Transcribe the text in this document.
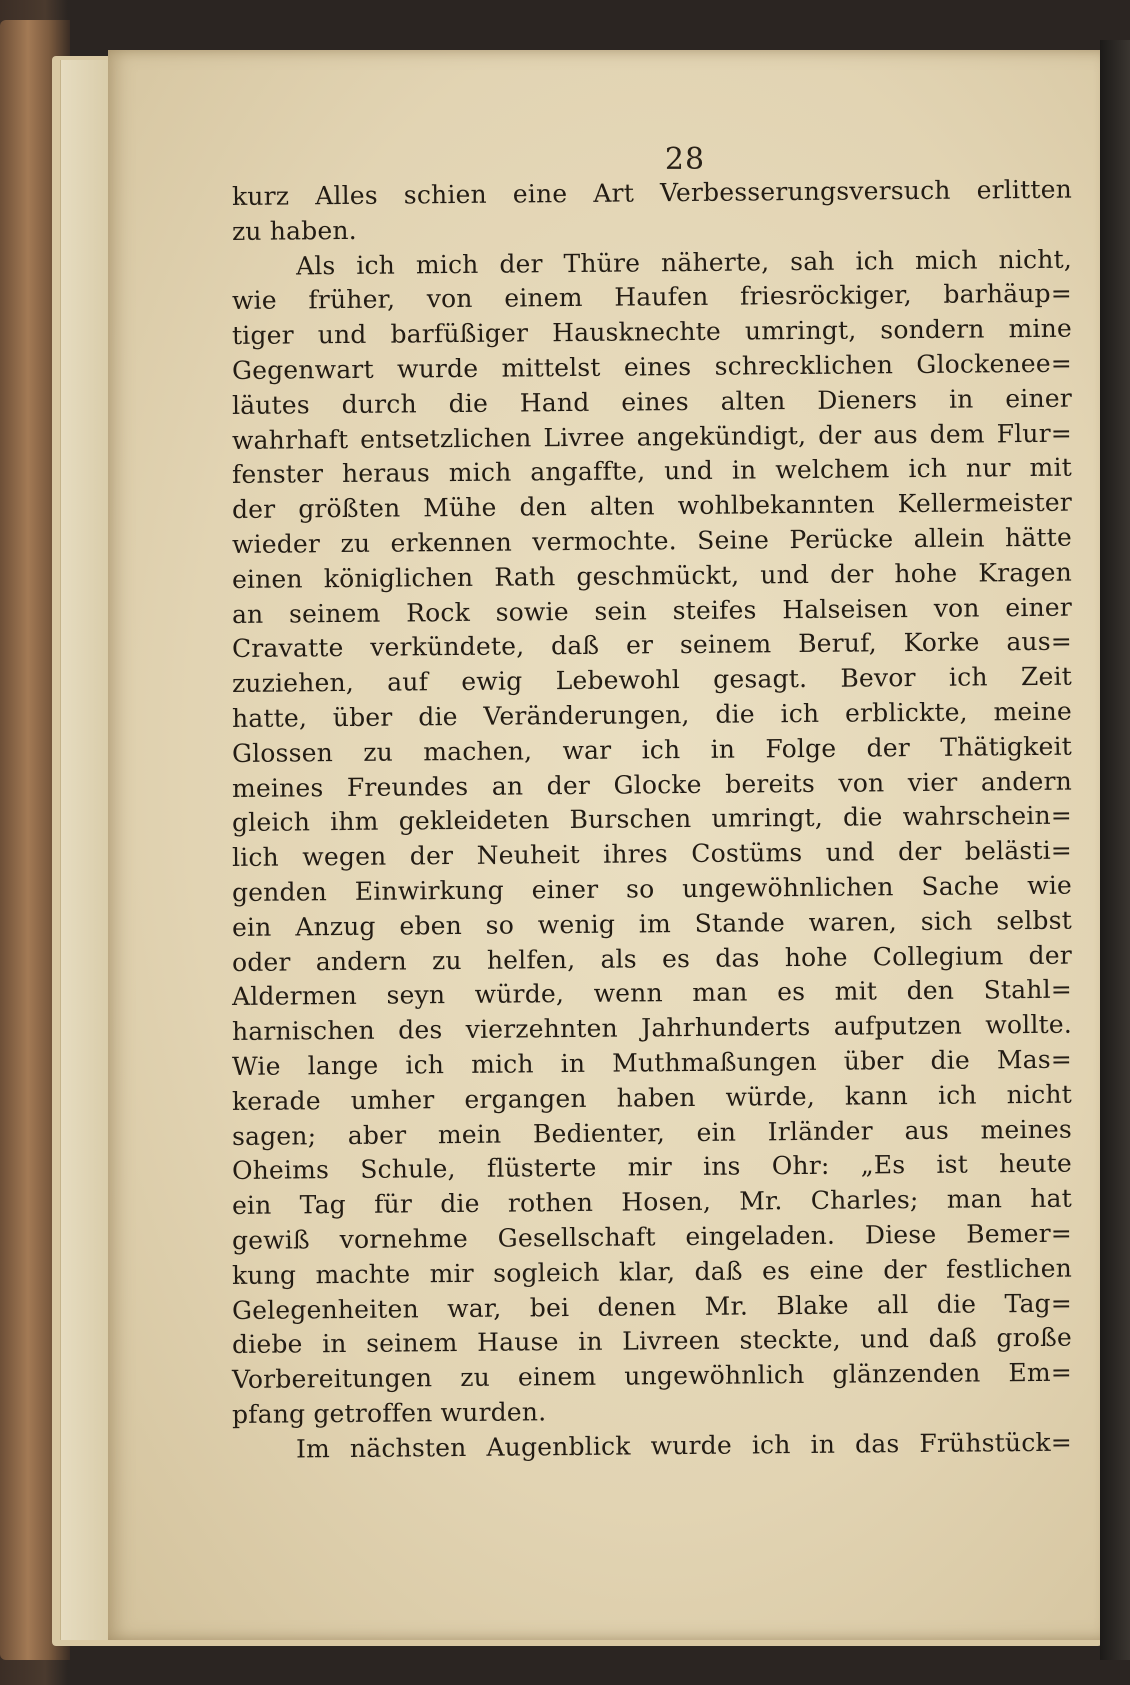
28
kurz Alles schien eine Art Verbesserungsversuch erlitten
zu haben.
Als ich mich der Thüre näherte, sah ich mich nicht,
wie früher, von einem Haufen friesröckiger, barhäup=
tiger und barfüßiger Hausknechte umringt, sondern mine
Gegenwart wurde mittelst eines schrecklichen Glockenee=
läutes durch die Hand eines alten Dieners in einer
wahrhaft entsetzlichen Livree angekündigt, der aus dem Flur=
fenster heraus mich angaffte, und in welchem ich nur mit
der größten Mühe den alten wohlbekannten Kellermeister
wieder zu erkennen vermochte. Seine Perücke allein hätte
einen königlichen Rath geschmückt, und der hohe Kragen
an seinem Rock sowie sein steifes Halseisen von einer
Cravatte verkündete, daß er seinem Beruf, Korke aus=
zuziehen, auf ewig Lebewohl gesagt. Bevor ich Zeit
hatte, über die Veränderungen, die ich erblickte, meine
Glossen zu machen, war ich in Folge der Thätigkeit
meines Freundes an der Glocke bereits von vier andern
gleich ihm gekleideten Burschen umringt, die wahrschein=
lich wegen der Neuheit ihres Costüms und der belästi=
genden Einwirkung einer so ungewöhnlichen Sache wie
ein Anzug eben so wenig im Stande waren, sich selbst
oder andern zu helfen, als es das hohe Collegium der
Aldermen seyn würde, wenn man es mit den Stahl=
harnischen des vierzehnten Jahrhunderts aufputzen wollte.
Wie lange ich mich in Muthmaßungen über die Mas=
kerade umher ergangen haben würde, kann ich nicht
sagen; aber mein Bedienter, ein Irländer aus meines
Oheims Schule, flüsterte mir ins Ohr: „Es ist heute
ein Tag für die rothen Hosen, Mr. Charles; man hat
gewiß vornehme Gesellschaft eingeladen. Diese Bemer=
kung machte mir sogleich klar, daß es eine der festlichen
Gelegenheiten war, bei denen Mr. Blake all die Tag=
diebe in seinem Hause in Livreen steckte, und daß große
Vorbereitungen zu einem ungewöhnlich glänzenden Em=
pfang getroffen wurden.
Im nächsten Augenblick wurde ich in das Frühstück=
